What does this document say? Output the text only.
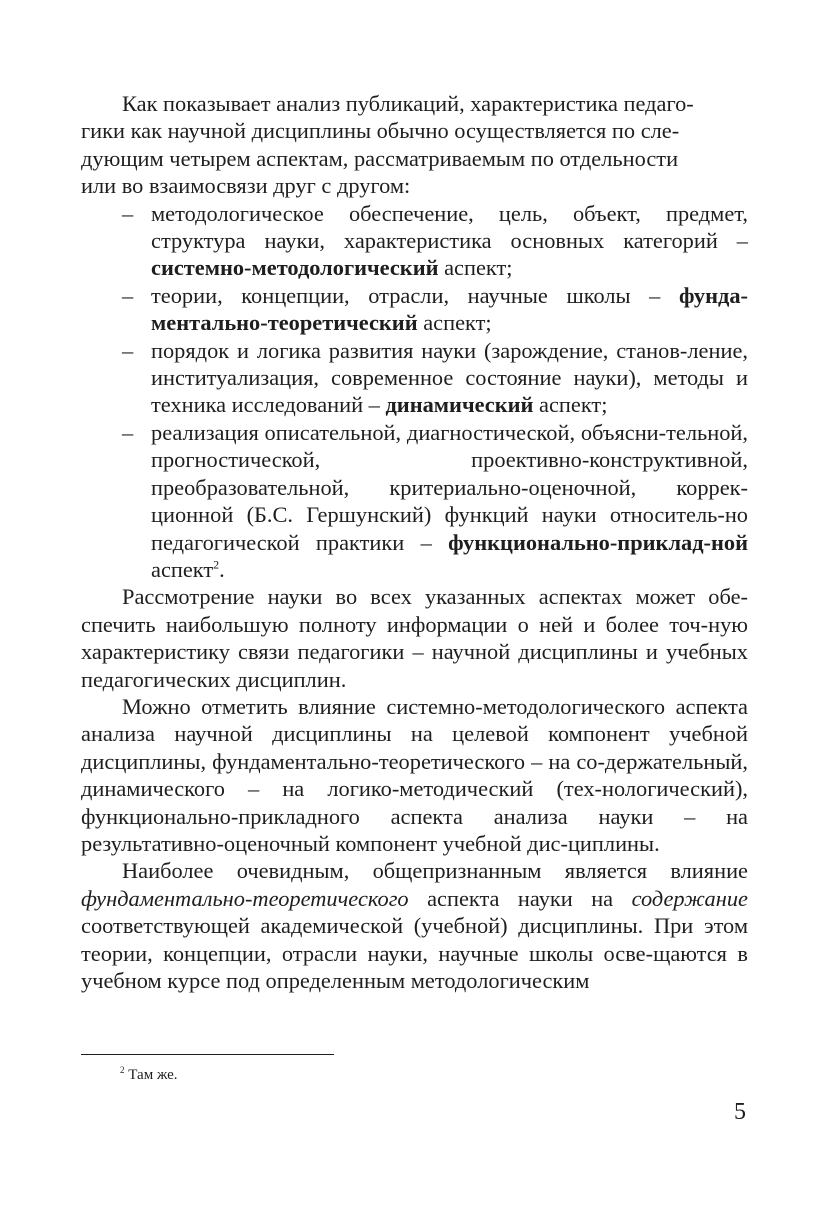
Как показывает анализ публикаций, характеристика педаго-
гики как научной дисциплины обычно осуществляется по сле-
дующим четырем аспектам, рассматриваемым по отдельности
или во взаимосвязи друг с другом:

– методологическое обеспечение, цель, объект, предмет, структура науки, характеристика основных категорий – системно-методологический аспект;
– теории, концепции, отрасли, научные школы – фунда-ментально-теоретический аспект;
– порядок и логика развития науки (зарождение, станов-ление, институализация, современное состояние науки), методы и техника исследований – динамический аспект;
– реализация описательной, диагностической, объясни-тельной, прогностической, проективно-конструктивной, преобразовательной, критериально-оценочной, коррек-ционной (Б.С. Гершунский) функций науки относитель-но педагогической практики – функционально-приклад-ной аспект$^2$.

Рассмотрение науки во всех указанных аспектах может обе-спечить наибольшую полноту информации о ней и более точ-ную характеристику связи педагогики – научной дисциплины и учебных педагогических дисциплин.

Можно отметить влияние системно-методологического аспекта анализа научной дисциплины на целевой компонент учебной дисциплины, фундаментально-теоретического – на со-держательный, динамического – на логико-методический (тех-нологический), функционально-прикладного аспекта анализа науки – на результативно-оценочный компонент учебной дис-циплины.

Наиболее очевидным, общепризнанным является влияние фундаментально-теоретического аспекта науки на содержание соответствующей академической (учебной) дисциплины. При этом теории, концепции, отрасли науки, научные школы осве-щаются в учебном курсе под определенным методологическим

$^2$ Там же.
5
